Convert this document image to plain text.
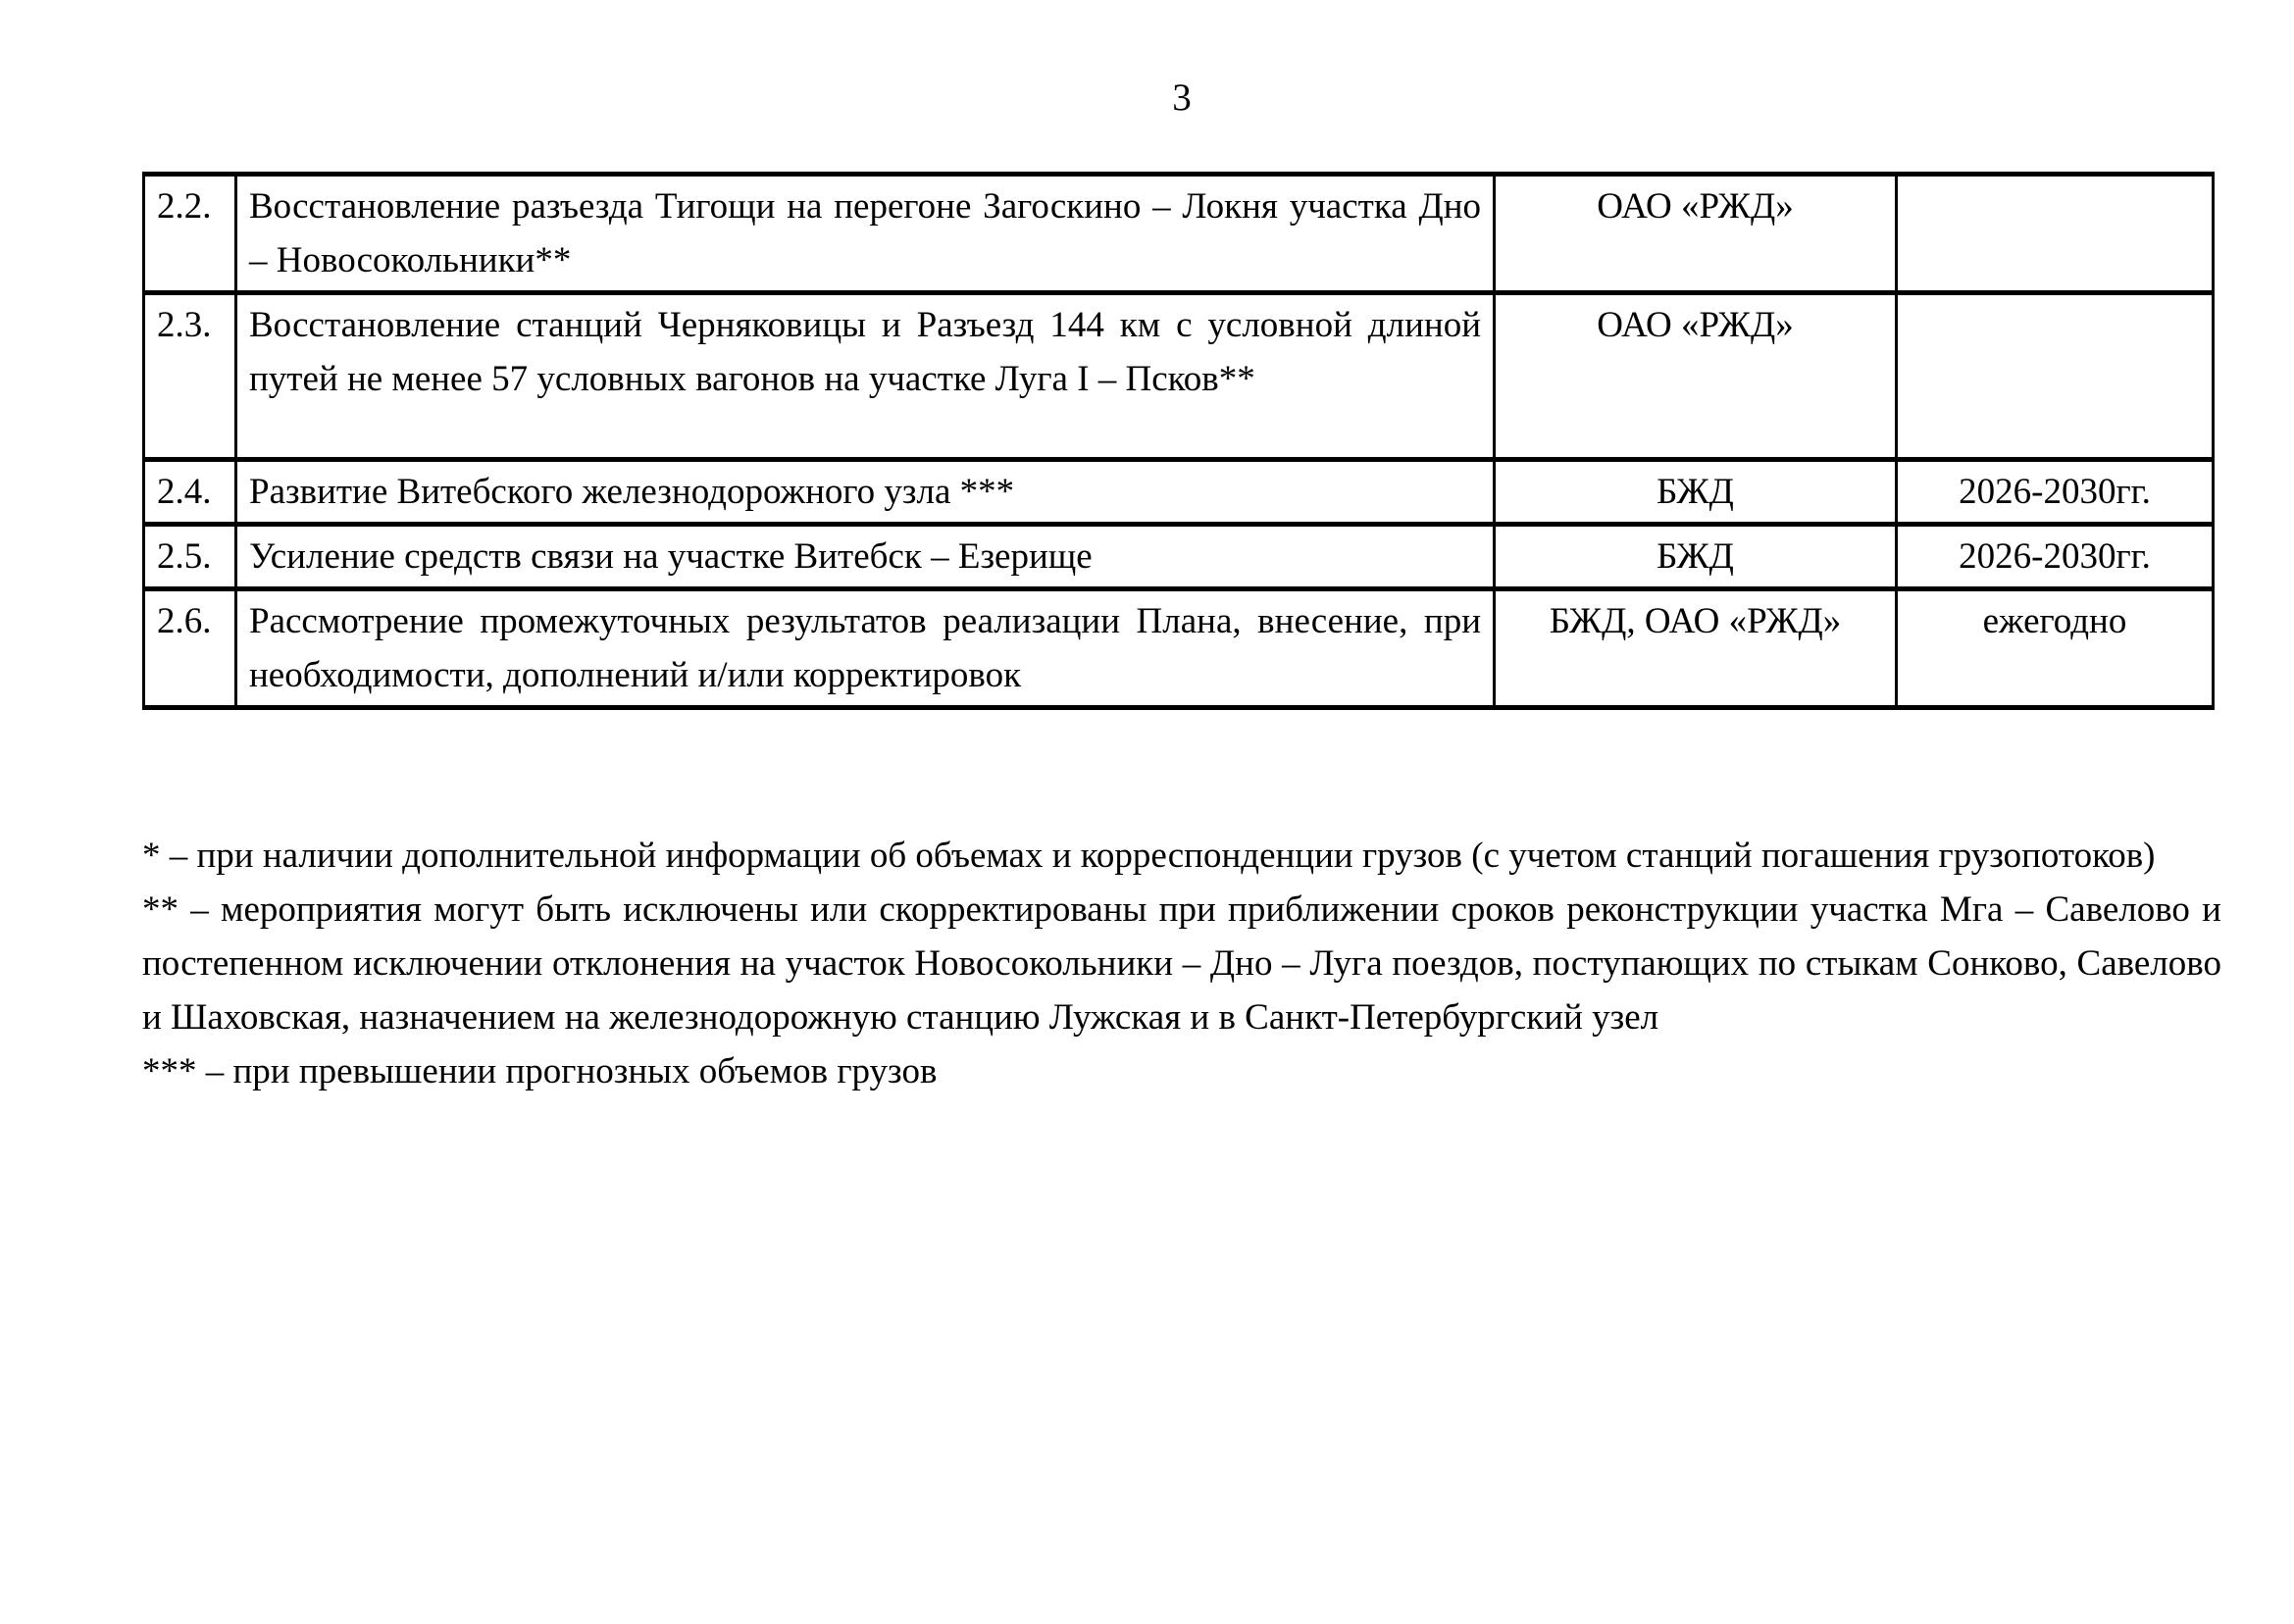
3
2.2.	Восстановление разъезда Тигощи на перегоне Загоскино – Локня участка Дно – Новосокольники**	ОАО «РЖД»	
2.3.	Восстановление станций Черняковицы и Разъезд 144 км с условной длиной путей не менее 57 условных вагонов на участке Луга I – Псков**	ОАО «РЖД»	
2.4.	Развитие Витебского железнодорожного узла ***	БЖД	2026-2030гг.
2.5.	Усиление средств связи на участке Витебск – Езерище	БЖД	2026-2030гг.
2.6.	Рассмотрение промежуточных результатов реализации Плана, внесение, при необходимости, дополнений и/или корректировок	БЖД, ОАО «РЖД»	ежегодно

* – при наличии дополнительной информации об объемах и корреспонденции грузов (с учетом станций погашения грузопотоков)

** – мероприятия могут быть исключены или скорректированы при приближении сроков реконструкции участка Мга – Савелово и постепенном исключении отклонения на участок Новосокольники – Дно – Луга поездов, поступающих по стыкам Сонково, Савелово и Шаховская, назначением на железнодорожную станцию Лужская и в Санкт-Петербургский узел

*** – при превышении прогнозных объемов грузов
